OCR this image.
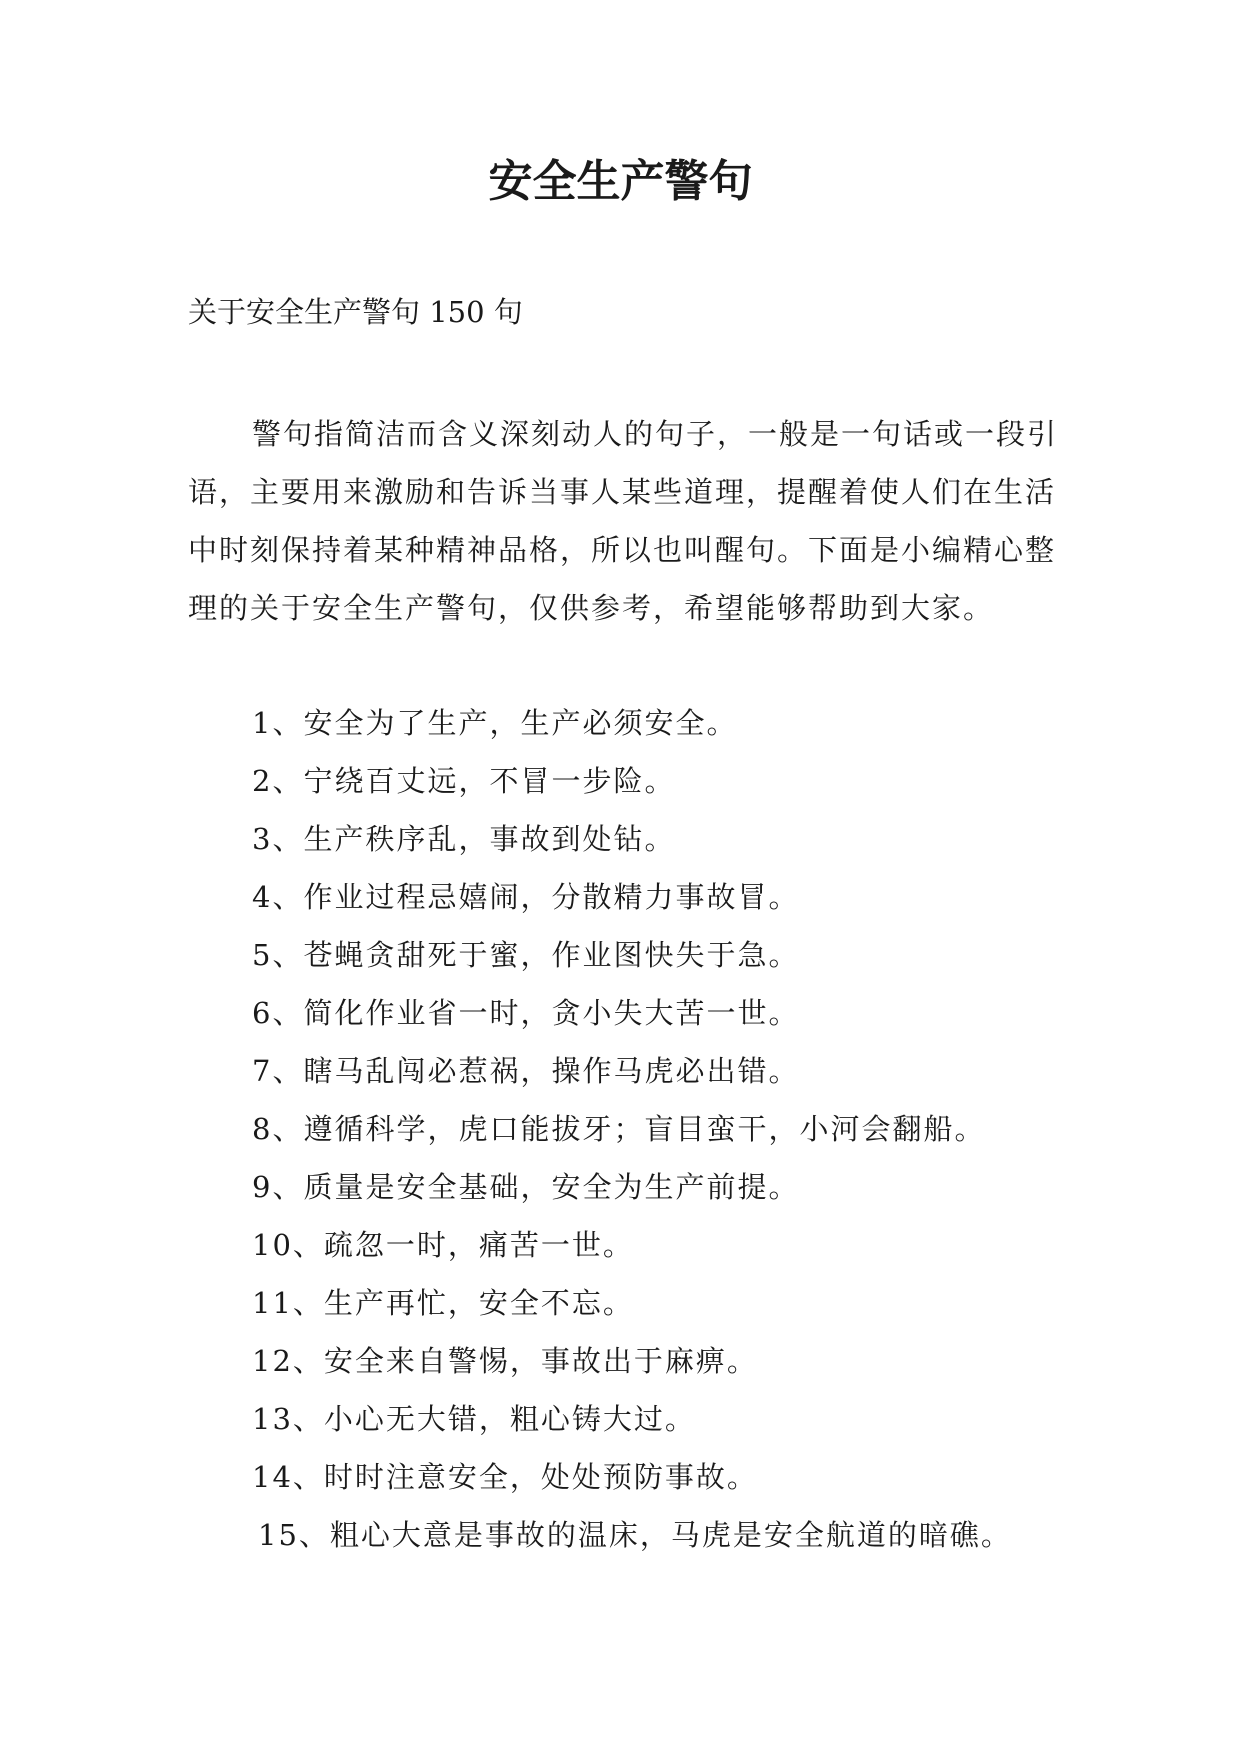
安全生产警句

关于安全生产警句 150 句

警句指简洁而含义深刻动人的句子，一般是一句话或一段引语，主要用来激励和告诉当事人某些道理，提醒着使人们在生活中时刻保持着某种精神品格，所以也叫醒句。下面是小编精心整理的关于安全生产警句，仅供参考，希望能够帮助到大家。

1、安全为了生产，生产必须安全。
2、宁绕百丈远，不冒一步险。
3、生产秩序乱，事故到处钻。
4、作业过程忌嬉闹，分散精力事故冒。
5、苍蝇贪甜死于蜜，作业图快失于急。
6、简化作业省一时，贪小失大苦一世。
7、瞎马乱闯必惹祸，操作马虎必出错。
8、遵循科学，虎口能拔牙；盲目蛮干，小河会翻船。
9、质量是安全基础，安全为生产前提。
10、疏忽一时，痛苦一世。
11、生产再忙，安全不忘。
12、安全来自警惕，事故出于麻痹。
13、小心无大错，粗心铸大过。
14、时时注意安全，处处预防事故。
15、粗心大意是事故的温床，马虎是安全航道的暗礁。
